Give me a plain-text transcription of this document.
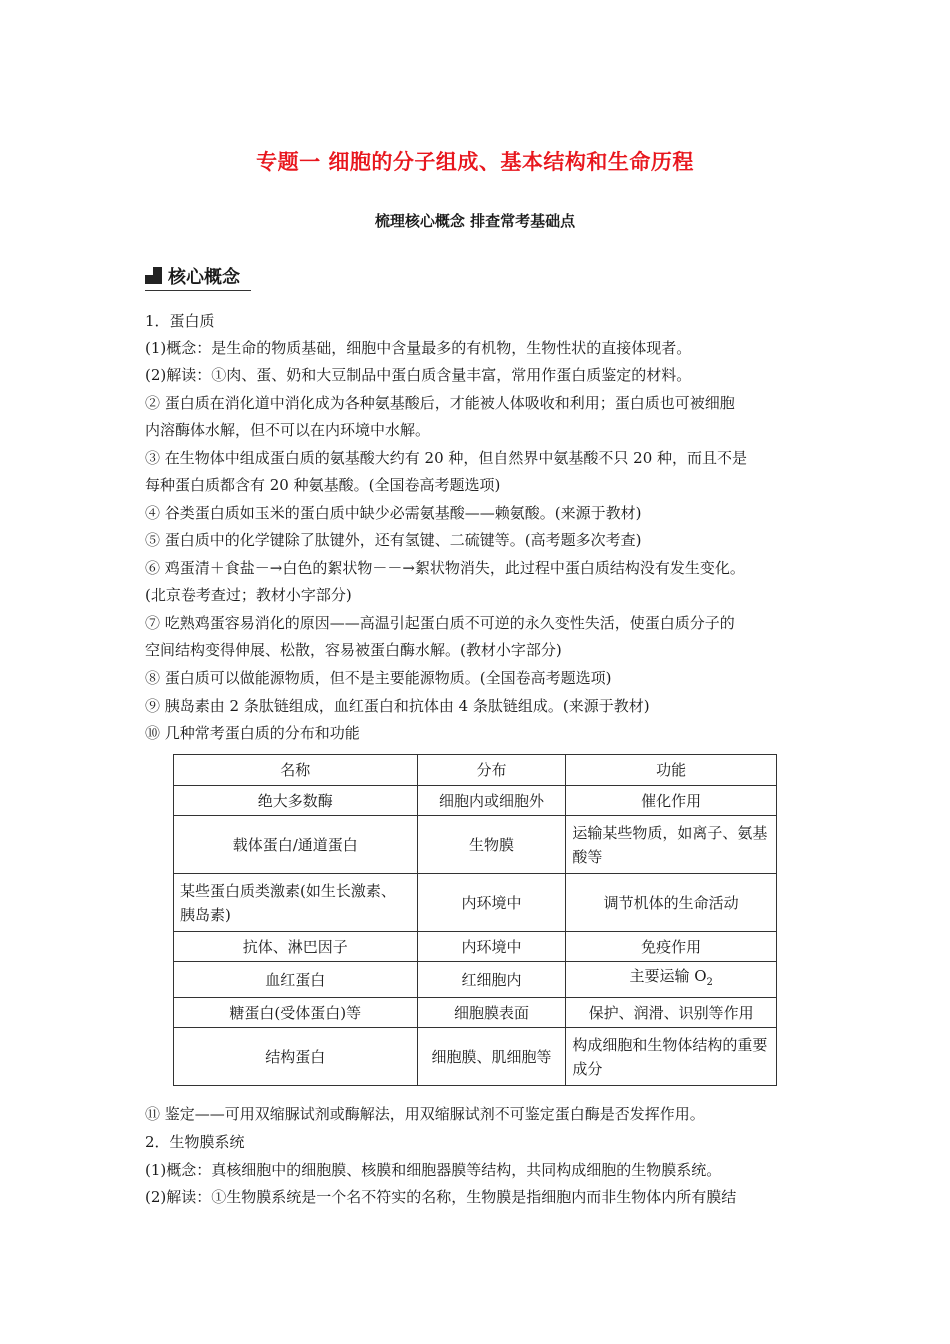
专题一 细胞的分子组成、基本结构和生命历程
梳理核心概念 排查常考基础点
核心概念
1．蛋白质
(1)概念：是生命的物质基础，细胞中含量最多的有机物，生物性状的直接体现者。
(2)解读：①肉、蛋、奶和大豆制品中蛋白质含量丰富，常用作蛋白质鉴定的材料。
② 蛋白质在消化道中消化成为各种氨基酸后，才能被人体吸收和利用；蛋白质也可被细胞
内溶酶体水解，但不可以在内环境中水解。
③ 在生物体中组成蛋白质的氨基酸大约有 20 种，但自然界中氨基酸不只 20 种，而且不是
每种蛋白质都含有 20 种氨基酸。(全国卷高考题选项)
④ 谷类蛋白质如玉米的蛋白质中缺少必需氨基酸——赖氨酸。(来源于教材)
⑤ 蛋白质中的化学键除了肽键外，还有氢键、二硫键等。(高考题多次考查)
⑥ 鸡蛋清＋食盐－→白色的絮状物－－→絮状物消失，此过程中蛋白质结构没有发生变化。
(北京卷考查过；教材小字部分)
⑦ 吃熟鸡蛋容易消化的原因——高温引起蛋白质不可逆的永久变性失活，使蛋白质分子的
空间结构变得伸展、松散，容易被蛋白酶水解。(教材小字部分)
⑧ 蛋白质可以做能源物质，但不是主要能源物质。(全国卷高考题选项)
⑨ 胰岛素由 2 条肽链组成，血红蛋白和抗体由 4 条肽链组成。(来源于教材)
⑩ 几种常考蛋白质的分布和功能
名称	分布	功能
绝大多数酶	细胞内或细胞外	催化作用
载体蛋白/通道蛋白	生物膜	运输某些物质，如离子、氨基酸等
某些蛋白质类激素(如生长激素、胰岛素)	内环境中	调节机体的生命活动
抗体、淋巴因子	内环境中	免疫作用
血红蛋白	红细胞内	主要运输 $O_2$
糖蛋白(受体蛋白)等	细胞膜表面	保护、润滑、识别等作用
结构蛋白	细胞膜、肌细胞等	构成细胞和生物体结构的重要成分
⑪ 鉴定——可用双缩脲试剂或酶解法，用双缩脲试剂不可鉴定蛋白酶是否发挥作用。
2．生物膜系统
(1)概念：真核细胞中的细胞膜、核膜和细胞器膜等结构，共同构成细胞的生物膜系统。
(2)解读：①生物膜系统是一个名不符实的名称，生物膜是指细胞内而非生物体内所有膜结
